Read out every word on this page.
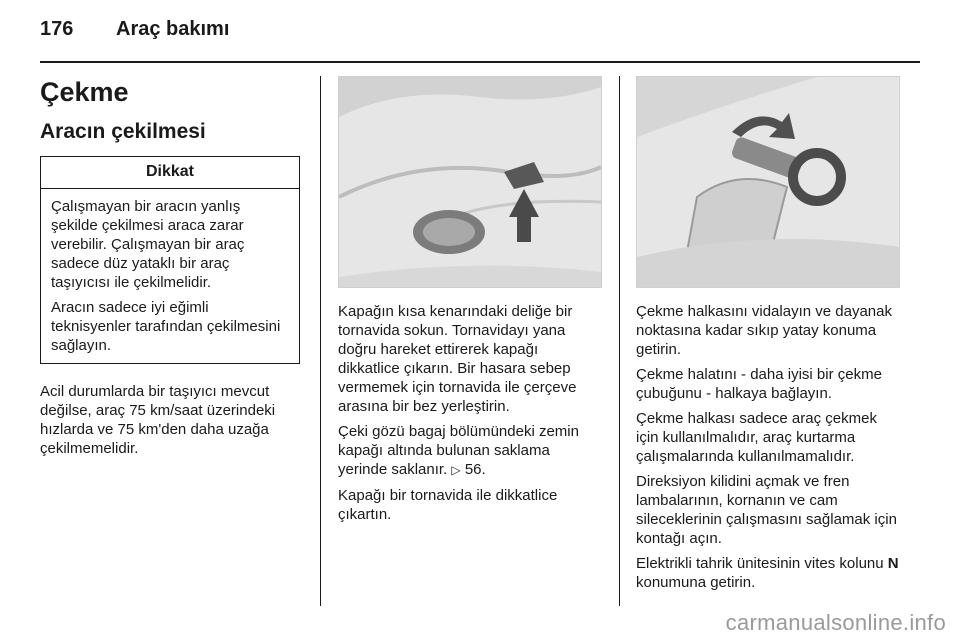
176 Araç bakımı
Çekme
Aracın çekilmesi
Dikkat

Çalışmayan bir aracın yanlış şekilde çekilmesi araca zarar verebilir. Çalışmayan bir araç sadece düz yataklı bir araç taşıyıcısı ile çekilmelidir.

Aracın sadece iyi eğimli teknisyenler tarafından çekilmesini sağlayın.

Acil durumlarda bir taşıyıcı mevcut değilse, araç 75 km/saat üzerindeki hızlarda ve 75 km'den daha uzağa çekilmemelidir.

Kapağın kısa kenarındaki deliğe bir tornavida sokun. Tornavidayı yana doğru hareket ettirerek kapağı dikkatlice çıkarın. Bir hasara sebep vermemek için tornavida ile çerçeve arasına bir bez yerleştirin.

Çeki gözü bagaj bölümündeki zemin kapağı altında bulunan saklama yerinde saklanır. ▷ 56.

Kapağı bir tornavida ile dikkatlice çıkartın.

Çekme halkasını vidalayın ve dayanak noktasına kadar sıkıp yatay konuma getirin.

Çekme halatını - daha iyisi bir çekme çubuğunu - halkaya bağlayın.

Çekme halkası sadece araç çekmek için kullanılmalıdır, araç kurtarma çalışmalarında kullanılmamalıdır.

Direksiyon kilidini açmak ve fren lambalarının, kornanın ve cam sileceklerinin çalışmasını sağlamak için kontağı açın.

Elektrikli tahrik ünitesinin vites kolunu N konumuna getirin.

carmanualsonline.info
